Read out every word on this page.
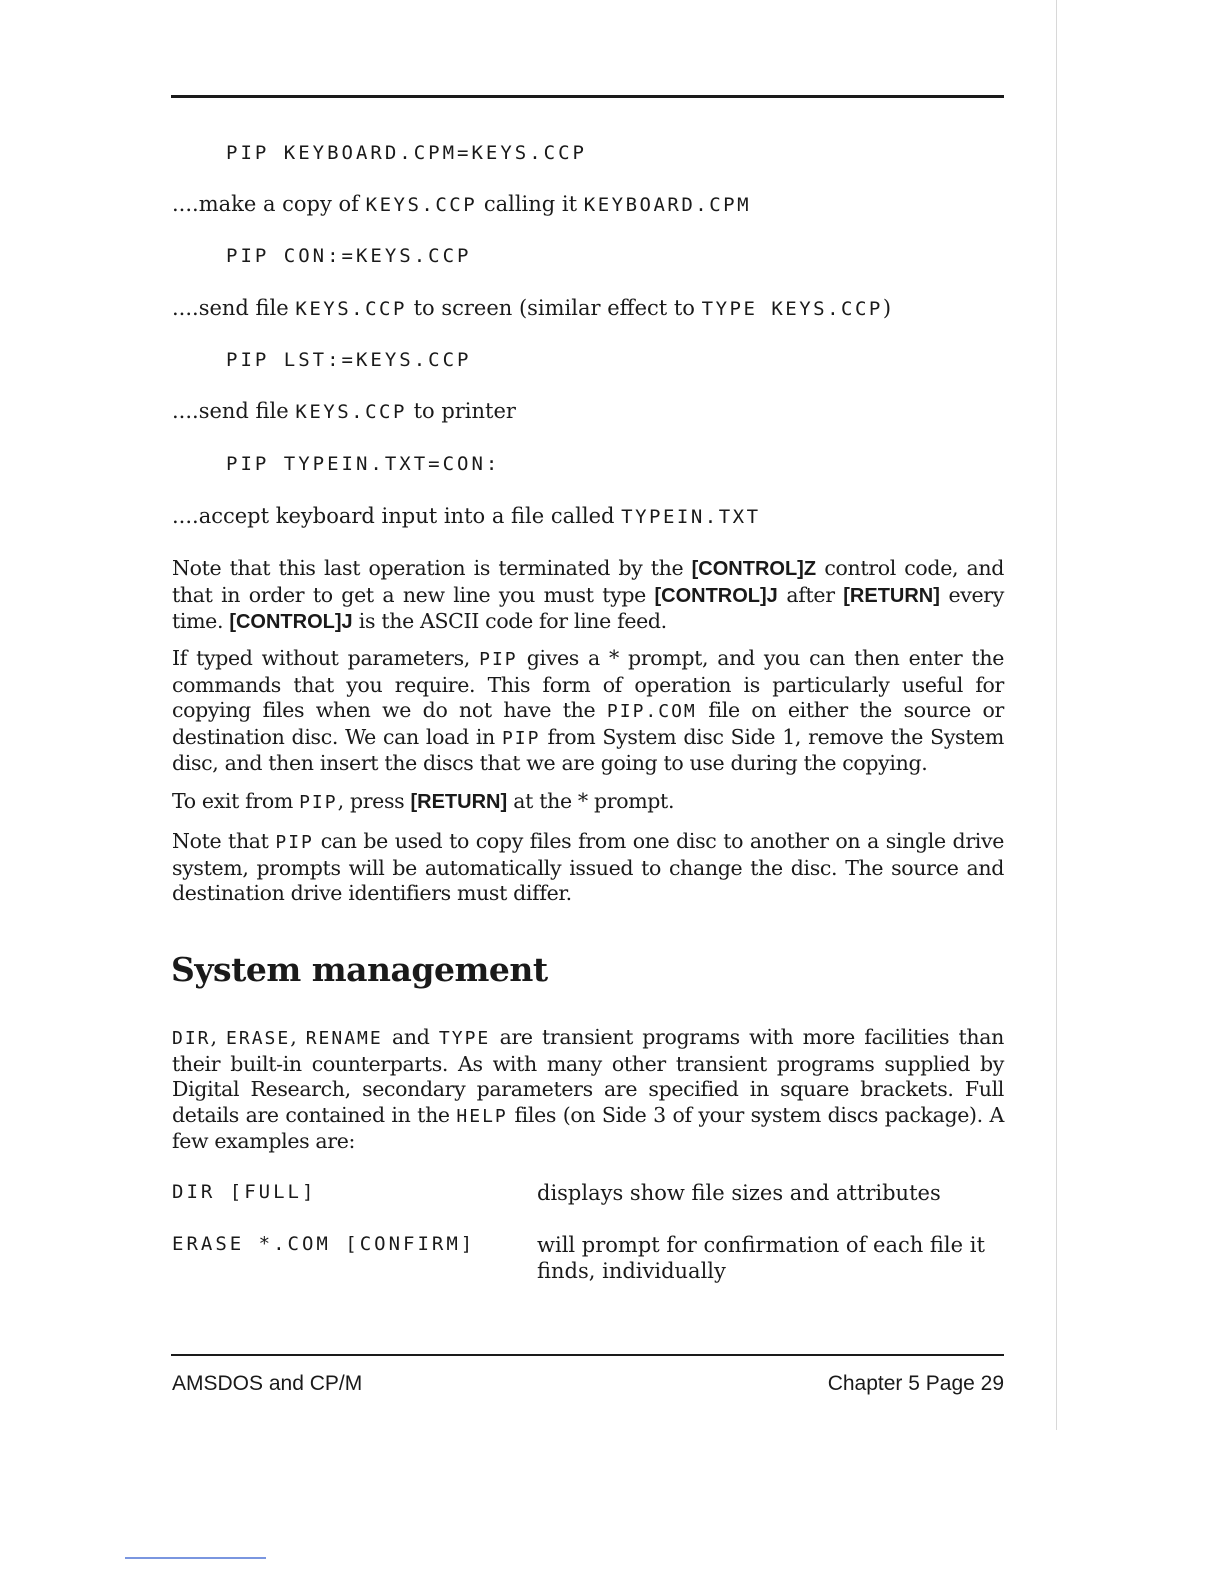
PIP KEYBOARD.CPM=KEYS.CCP
....make a copy of KEYS.CCP calling it KEYBOARD.CPM
PIP CON:=KEYS.CCP
....send file KEYS.CCP to screen (similar effect to TYPE KEYS.CCP)
PIP LST:=KEYS.CCP
....send file KEYS.CCP to printer
PIP TYPEIN.TXT=CON:
....accept keyboard input into a file called TYPEIN.TXT

Note that this last operation is terminated by the [CONTROL]Z control code, and that in order to get a new line you must type [CONTROL]J after [RETURN] every time. [CONTROL]J is the ASCII code for line feed.

If typed without parameters, PIP gives a * prompt, and you can then enter the commands that you require. This form of operation is particularly useful for copying files when we do not have the PIP.COM file on either the source or destination disc. We can load in PIP from System disc Side 1, remove the System disc, and then insert the discs that we are going to use during the copying.

To exit from PIP, press [RETURN] at the * prompt.

Note that PIP can be used to copy files from one disc to another on a single drive system, prompts will be automatically issued to change the disc. The source and destination drive identifiers must differ.

System management

DIR, ERASE, RENAME and TYPE are transient programs with more facilities than their built-in counterparts. As with many other transient programs supplied by Digital Research, secondary parameters are specified in square brackets. Full details are contained in the HELP files (on Side 3 of your system discs package). A few examples are:

DIR [FULL]	displays show file sizes and attributes
ERASE *.COM [CONFIRM]	will prompt for confirmation of each file it finds, individually
AMSDOS and CP/M	Chapter 5 Page 29
